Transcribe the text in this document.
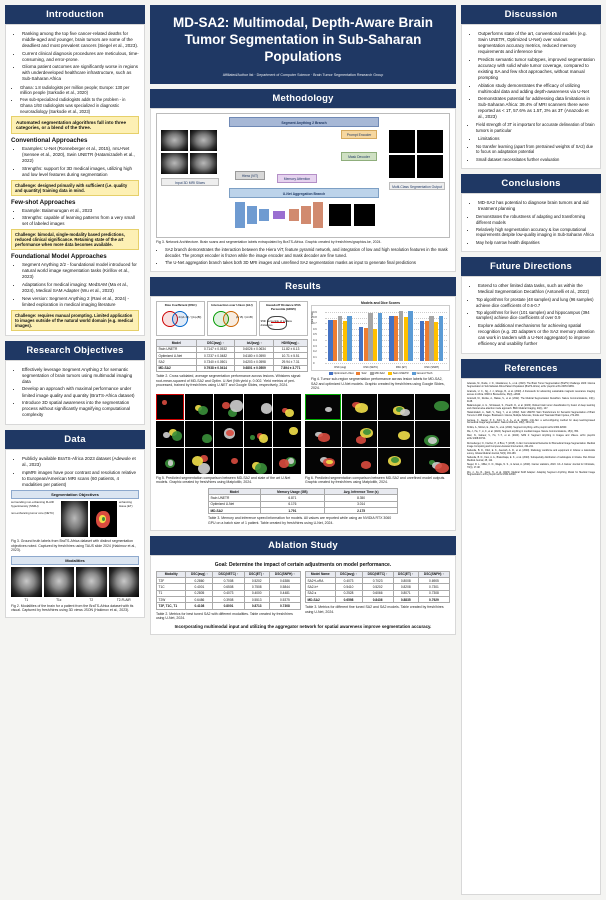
Introduction
• Ranking among the top five cancer-related deaths for middle-aged and younger, brain tumors are some of the deadliest and most prevalent cancers (Siegel et al., 2023).
• Current clinical diagnosis procedures are meticulous, time-consuming, and error-prone.
• Glioma patient outcomes are significantly worse in regions with underdeveloped healthcare infrastructure, such as Sub-Saharan Africa
• Ghana: 1.8 radiologists per million people; Europe: 130 per million people (Sarkodie et al., 2020)
• Few sub-specialized radiologists adds to the problem - in Ghana 1/93 radiologists was specialized in diagnostic neuroradiology (Sarkodie et al., 2023)
Automated segmentation algorithms fall into three categories, or a blend of the three.
Conventional Approaches
• Examples: U-Net (Ronneberger et al., 2015), nnU-Net (Isensee et al., 2020), Swin UNETR (Hatamizadeh et al., 2022)
• Strengths: support for 3D medical images, utilizing high and low level features during segmentation
Challenge: designed primarily with sufficient (i.e. quality and quantity) training data in mind.
Few-shot Approaches
• Example: Balamurugan et al., 2023
• Strengths: capable of learning patterns from a very small set of labeled images
Challenge: bimodal, single-modality based predictions, reduced clinical significance. Retaining state of the art performance when more data becomes available.
Foundational Model Approaches
• Segment Anything 2/2 - foundational model introduced for natural world image segmentation tasks (Kirillov et al., 2023)
• Adaptations for medical imaging: MedSAM (Ma et al., 2024), Medical SAM Adapter (Wu et al., 2023)
• New version: Segment Anything 2 (Ravi et al., 2024) - limited exploration in medical imaging literature
Challenge: requires manual prompting. Limited application to images outside of the natural world domain (e.g. medical images).
Research Objectives
• Effectively leverage Segment Anything 2 for semantic segmentation of brain tumors using multimodal imaging data
• Develop an approach with maximal performance under limited image quality and quantity (BraTS-Africa dataset)
• Introduce 3D spatial awareness into the segmentation process without significantly magnifying computational complexity
Data
• Publicly available BraTS-Africa 2023 dataset (Adewole et al., 2023)
• mpMRI images have poor contrast and resolution relative to European/American MRI scans (60 patients, 4 modalities per patient)
Segmentation Objectives
surrounding non-enhancing FLAIR hyperintensity (SNFH)
non-enhancing tumor core (NETC)
enhancing tissue (ET)
Fig 3. Ground truth labels from BraTS-Africa dataset with distinct segmentation objectives noted. Captured by fresh/hires using TAUS slide 2024 (Hakimov et al., 2023).
Modalities
T1	T1c	T2	T2-FLAIR
Fig 2. Modalities of the brain for a patient from the BraTS-Africa dataset with its visual. Captured by fresh/hires using 3D views JSON (Hakimov et al., 2023).
MD-SA2: Multimodal, Depth-Aware Brain Tumor Segmentation in Sub-Saharan Populations
Affiliated/Author list · Department of Computer Science · Brain Tumor Segmentation Research Group
Methodology
Segment Anything 2 Branch
Prompt Encoder
Mask Decoder
Memory Attention
U-Net Aggregation Branch
Hiera (ViT)
Input 3D MRI Slices
Multi-Class Segmentation Output
Fig 3. Network Architecture. Brain scans and segmentation labels extrapolated by BraTS-Africa. Graphic created by fresh/hires/graphics.ke, 2024.
• SA2 branch demonstrates the interaction between the Hiera ViT, feature pyramid network, and integration of low and high resolution features in the mask decoder. The prompt encoder is frozen while the image encoder and mask decoder are fine tuned.
• The U-Net aggregation branch takes both 3D MRI images and unrefined SA2 segmentation masks as input to generate final predictions
Results
Dice Coefficient (DSC)
2×|A∩B| / (|A|+|B|)
Intersection over Union (IoU)
|A∩B| / |A∪B|
Hausdorff Distance 95th Percentile (HD95)
95th percentile of surface distances
Model	DSC(avg) ↑	IoU(avg) ↑	HD95(avg) ↓
Swin UNETR	0.7147 ± 0.0532	0.6026 ± 0.0634	11.82 ± 6.13
Optimized U-Net	0.7237 ± 0.0482	0.6180 ± 0.0590	10.71 ± 5.51
SA2	0.7340 ± 0.0501	0.6203 ± 0.0598	29.94 ± 7.31
MD-SA2	0.7938 ± 0.0414	0.6801 ± 0.0509	7.894 ± 3.771
Table 2. Cross validated, average segmentation performance across lesions. Whiskers signal: root-mean-squared of MD-SA2 and Optim. U-Net (Nth yield p. 0.002. Yield metrics of peri-processed, trained by fresh/hires using U-NET and Google Slides, respectively, 2024.
Models and Dice Scores
Dice Score
0
0.1
0.2
0.3
0.4
0.5
0.6
0.7
0.8
0.9
DSC (avg)	DSC (NETC)	DSC (ET)	DSC (SNFH)
Optimized U-Net	SA2	MD-SA2	Swin UNETR	Ground Truth
Fig 4. Tumor sub-region segmentation performance across lesion labels for MD-SA2, SA2 and optimized U-Net models. Graphic created by fresh/hires using Google Slides, 2024.
Fig 5. Predicted segmentation comparison between MD-SA2 and state of the art U-Net models. Graphic created by fresh/hires using Matplotlib, 2024.
Fig 6. Predicted segmentation comparison between MD-SA2 and unrefined model outputs. Graphic created by fresh/hires using Matplotlib, 2024.
Model	Memory Usage (GB)	Avg. Inference Time (s)
Swin UNETR	6.871	8.350
Optimized U-Net	6.176	3.014
MD-SA2	1.791	2.175
Table 3. Memory and inference speed information for models. All values are reported while using an NVIDIA RTX 3060 GPU on a batch size of 1 patient. Table created by fresh/hires using U-Net, 2024.
Ablation Study
Goal: Determine the impact of certain adjustments on model performance.
Modality	DSC(avg) ↑	DSC(NETC) ↑	DSC(ET) ↑	DSC(SNFH) ↑
T2F	0.2860	0.7008	0.5202	0.6386
T1C	0.4001	0.6508	0.7508	0.5844
T1	0.2805	0.4073	0.4000	0.4481
T2W	0.6486	0.3908	0.5513	0.5375
T2F, T1C, T1	0.4108	0.8001	0.8713	0.7308
Table 2. Metrics for best tuned SA2 with different modalities. Table created by fresh/hires using U-Net, 2024.
Model Name	DSC(avg) ↑	DSC(NETC) ↑	DSC(ET) ↑	DSC(SNFH) ↑
SA2+LoRA	0.4073	0.7023	0.8008	0.6905
SA2-b+	0.5410	0.5202	0.8208	0.7301
SA2-s	0.2528	0.6066	0.8071	0.7308
MD-SA2	0.6598	0.8436	0.8835	0.7929
Table 3. Metrics for different fine tuned SA2 and SA2 models. Table created by fresh/hires using U-Net, 2024.
Incorporating multimodal input and utilizing the aggregator network for spatial awareness improve segmentation accuracy.
Discussion
• Outperforms state of the art, conventional models (e.g. Swin UNETR, Optimized U-Net) over various segmentation accuracy metrics, reduced memory requirements and inference time
• Predicts semantic tumor subtypes, improved segmentation accuracy with solid whole tumor coverage, compared to existing SA and few shot approaches, without manual prompting
• Ablation study demonstrates the efficacy of utilizing multimodal data and adding depth-awareness via U-Net
• Demonstrates potential for addressing data limitations in Sub-Saharan Africa: 39.4% of MRI scanners there were reported as < 1T, 57.6% as 1.5T, 3% as 3T (Anazodo et al., 2023)
• Field strength of 3T is important for accurate delineation of brain tumors in particular
• Limitations
• No transfer learning (apart from pretrained weights of SA2) due to focus on adaptation potential
• Small dataset necessitates further evaluation
Conclusions
• MD-SA2 has potential to diagnose brain tumors and aid treatment planning
• Demonstrates the robustness of adapting and transforming different models
• Relatively high segmentation accuracy & low computational requirements despite low-quality imaging in Sub-Saharan Africa
• May help narrow health disparities
Future Directions
• Extend to other limited data tasks, such as within the Medical Segmentation Decathlon (Antonelli et al., 2022)
• Top algorithms for prostate (48 samples) and lung (96 samples) achieve dice coefficients of 0.6-0.7
• Top algorithms for liver (101 samples) and hippocampus (394 samples) achieve dice coefficients of over 0.9
• Explore additional mechanisms for achieving spatial recognition (e.g. 2D adapters or the SA2 memory attention can work in tandem with a U-Net aggregator) to improve efficiency and usability further
References
Adewole, M., Rudie, J. D., Gbadamosi, A., et al. (2023). The Brain Tumor Segmentation (BraTS) Challenge 2023: Glioma Segmentation in Sub-Saharan Africa Patient Population (BraTS-Africa). arXiv preprint arXiv:2305.19369.
Anazodo, U. C., Ng, J. J., Ehiogu, B., et al. (2023). A framework for advancing sustainable magnetic resonance imaging access in Africa. NMR in Biomedicine, 36(3), e4846.
Antonelli, M., Reinke, A., Bakas, S., et al. (2022). The Medical Segmentation Decathlon. Nature Communications, 13(1), 4128.
Balamurugan, A. G., Srinivasan, S., Preethi, D., et al. (2023). Robust brain tumor classification by fusion of deep learning and channel-wise attention mode approach. BMC Medical Imaging, 24(1), 147.
Hatamizadeh, A., Nath, V., Tang, Y., et al. (2022). Swin UNETR: Swin Transformers for Semantic Segmentation of Brain Tumors in MRI Images. Brainlesion: Glioma, Multiple Sclerosis, Stroke and Traumatic Brain Injuries, 272-284.
Isensee, F., Jaeger, P. F., Kohl, S. A. A., et al. (2020). nnU-Net: a self-configuring method for deep learning-based biomedical image segmentation. Nature Methods, 18(2), 203-211.
Kirillov, A., Mintun, E., Ravi, N., et al. (2023). Segment Anything. arXiv preprint arXiv:2304.02643.
Ma, J., He, Y., Li, F., et al. (2024). Segment anything in medical images. Nature Communications, 15(1), 654.
Ravi, N., Gabeur, V., Hu, Y.-T., et al. (2024). SAM 2: Segment Anything in Images and Videos. arXiv preprint arXiv:2408.00714.
Ronneberger, O., Fischer, P., & Brox, T. (2015). U-Net: Convolutional Networks for Biomedical Image Segmentation. Medical Image Computing and Computer-Assisted Intervention, 234-241.
Sarkodie, B. D., Ofori, E. K., Asemah, A. R., et al. (2020). Radiology workforce and equipment in Ghana: a nationwide survey. Ghana Medical Journal, 54(3), 163-169.
Sarkodie, B. D., Kusi, A. A., Brakohiapa, E. K., et al. (2023). Subspecialty distribution of radiologists in Ghana. Pan African Medical Journal, 45, 112.
Siegel, R. L., Miller, K. D., Wagle, N. S., & Jemal, A. (2023). Cancer statistics, 2023. CA: A Cancer Journal for Clinicians, 73(1), 17-48.
Wu, J., Fu, R., Fang, H., et al. (2023). Medical SAM Adapter: Adapting Segment Anything Model for Medical Image Segmentation. arXiv preprint arXiv:2304.12620.
